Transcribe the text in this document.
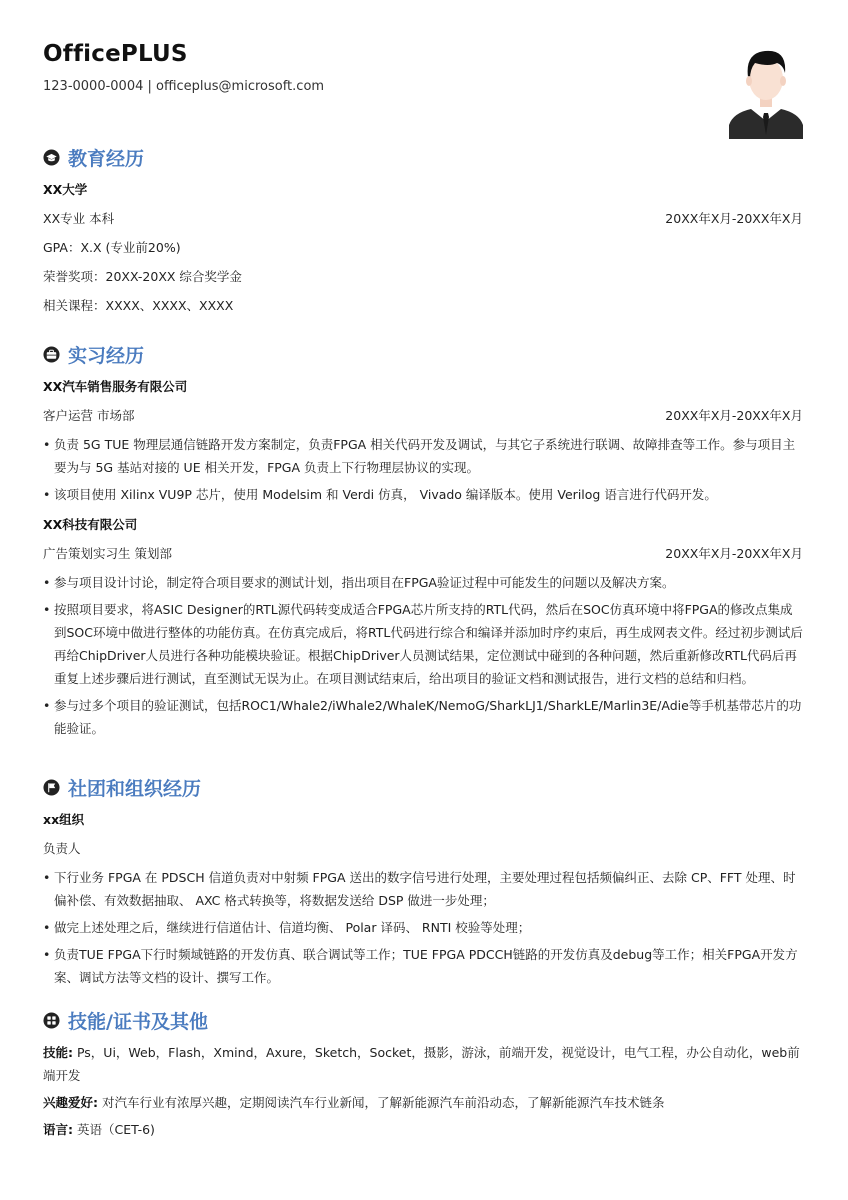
OfficePLUS
123-0000-0004 | officeplus@microsoft.com
教育经历
XX大学
XX专业 本科	20XX年X月-20XX年X月
GPA：X.X (专业前20%)
荣誉奖项：20XX-20XX 综合奖学金
相关课程：XXXX、XXXX、XXXX
实习经历
XX汽车销售服务有限公司
客户运营 市场部	20XX年X月-20XX年X月
• 负责 5G TUE 物理层通信链路开发方案制定，负责FPGA 相关代码开发及调试，与其它子系统进行联调、故障排查等工作。参与项目主要为与 5G 基站对接的 UE 相关开发，FPGA 负责上下行物理层协议的实现。
• 该项目使用 Xilinx VU9P 芯片，使用 Modelsim 和 Verdi 仿真， Vivado 编译版本。使用 Verilog 语言进行代码开发。
XX科技有限公司
广告策划实习生 策划部	20XX年X月-20XX年X月
• 参与项目设计讨论，制定符合项目要求的测试计划，指出项目在FPGA验证过程中可能发生的问题以及解决方案。
• 按照项目要求，将ASIC Designer的RTL源代码转变成适合FPGA芯片所支持的RTL代码，然后在SOC仿真环境中将FPGA的修改点集成到SOC环境中做进行整体的功能仿真。在仿真完成后，将RTL代码进行综合和编译并添加时序约束后，再生成网表文件。经过初步测试后再给ChipDriver人员进行各种功能模块验证。根据ChipDriver人员测试结果，定位测试中碰到的各种问题，然后重新修改RTL代码后再重复上述步骤后进行测试，直至测试无误为止。在项目测试结束后，给出项目的验证文档和测试报告，进行文档的总结和归档。
• 参与过多个项目的验证测试，包括ROC1/Whale2/iWhale2/WhaleK/NemoG/SharkLJ1/SharkLE/Marlin3E/Adie等手机基带芯片的功能验证。
社团和组织经历
xx组织
负责人
• 下行业务 FPGA 在 PDSCH 信道负责对中射频 FPGA 送出的数字信号进行处理，主要处理过程包括频偏纠正、去除 CP、FFT 处理、时偏补偿、有效数据抽取、 AXC 格式转换等，将数据发送给 DSP 做进一步处理；
• 做完上述处理之后，继续进行信道估计、信道均衡、 Polar 译码、 RNTI 校验等处理；
• 负责TUE FPGA下行时频域链路的开发仿真、联合调试等工作；TUE FPGA PDCCH链路的开发仿真及debug等工作；相关FPGA开发方案、调试方法等文档的设计、撰写工作。
技能/证书及其他
技能: Ps，Ui，Web，Flash，Xmind，Axure，Sketch，Socket，摄影，游泳，前端开发，视觉设计，电气工程，办公自动化，web前端开发
兴趣爱好: 对汽车行业有浓厚兴趣，定期阅读汽车行业新闻，了解新能源汽车前沿动态，了解新能源汽车技术链条
语言: 英语（CET-6)
